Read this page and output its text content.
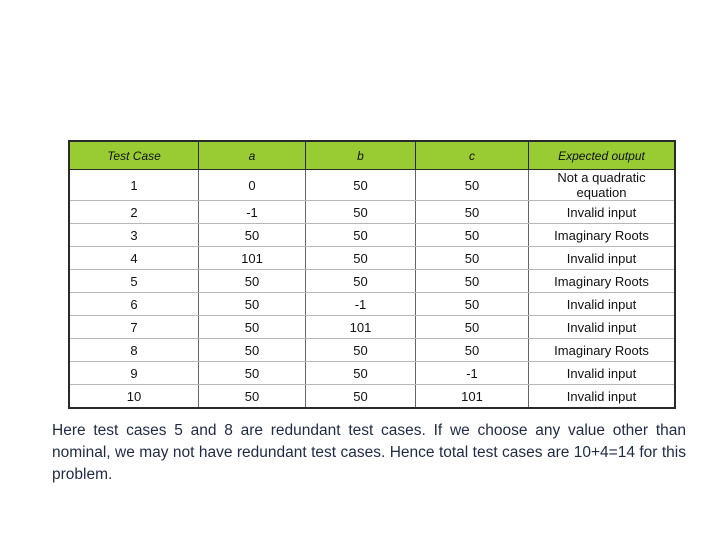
Test Case	a	b	c	Expected output
1	0	50	50	Not a quadratic equation
2	-1	50	50	Invalid input
3	50	50	50	Imaginary Roots
4	101	50	50	Invalid input
5	50	50	50	Imaginary Roots
6	50	-1	50	Invalid input
7	50	101	50	Invalid input
8	50	50	50	Imaginary Roots
9	50	50	-1	Invalid input
10	50	50	101	Invalid input

Here test cases 5 and 8 are redundant test cases. If we choose any value other than nominal, we may not have redundant test cases. Hence total test cases are 10+4=14 for this problem.
